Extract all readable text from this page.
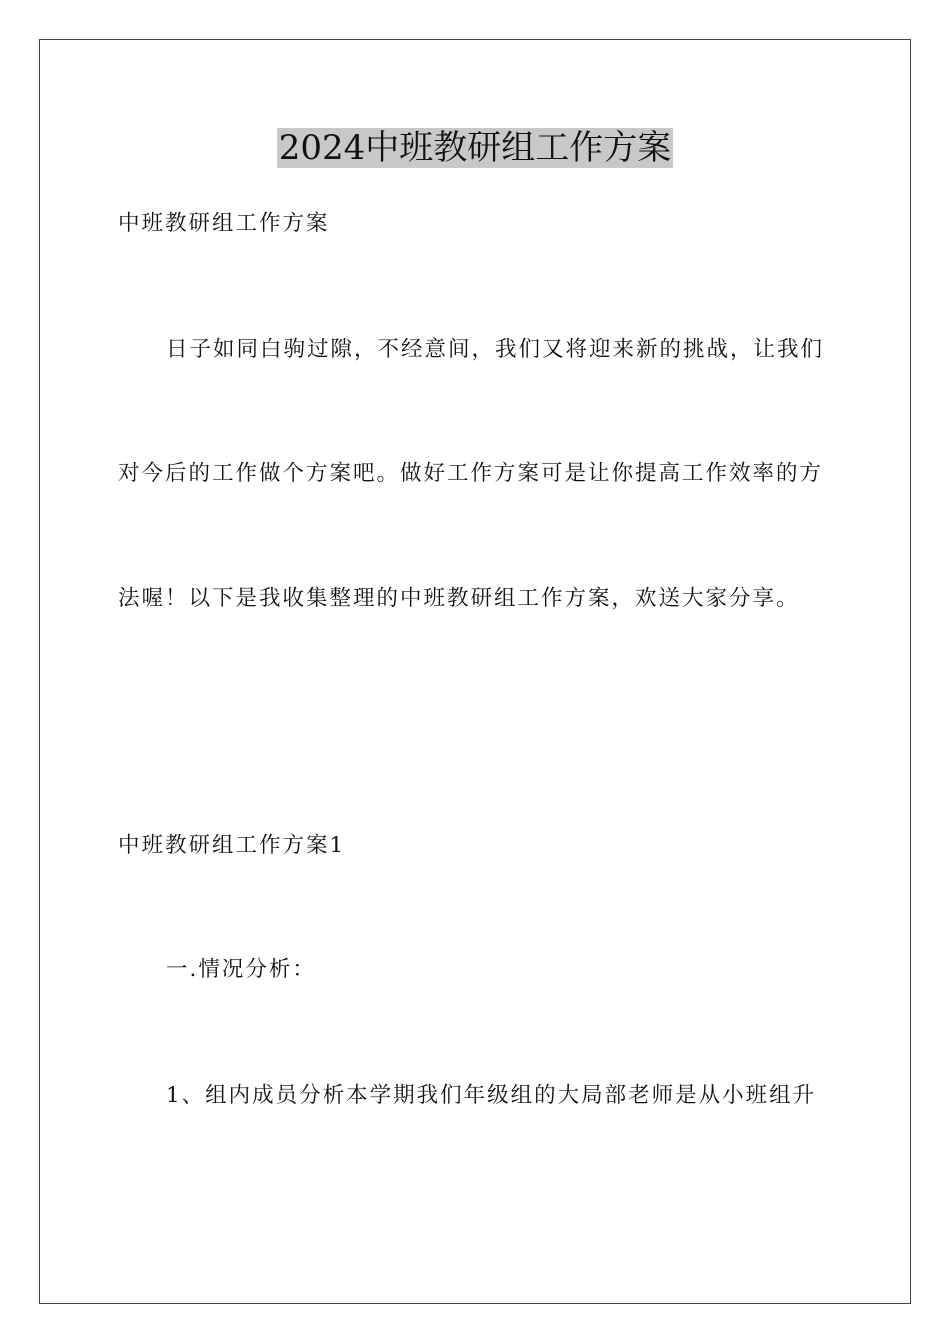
2024中班教研组工作方案

中班教研组工作方案

日子如同白驹过隙，不经意间，我们又将迎来新的挑战，让我们

对今后的工作做个方案吧。做好工作方案可是让你提高工作效率的方

法喔！以下是我收集整理的中班教研组工作方案，欢送大家分享。

中班教研组工作方案1

一.情况分析：

1、组内成员分析本学期我们年级组的大局部老师是从小班组升
